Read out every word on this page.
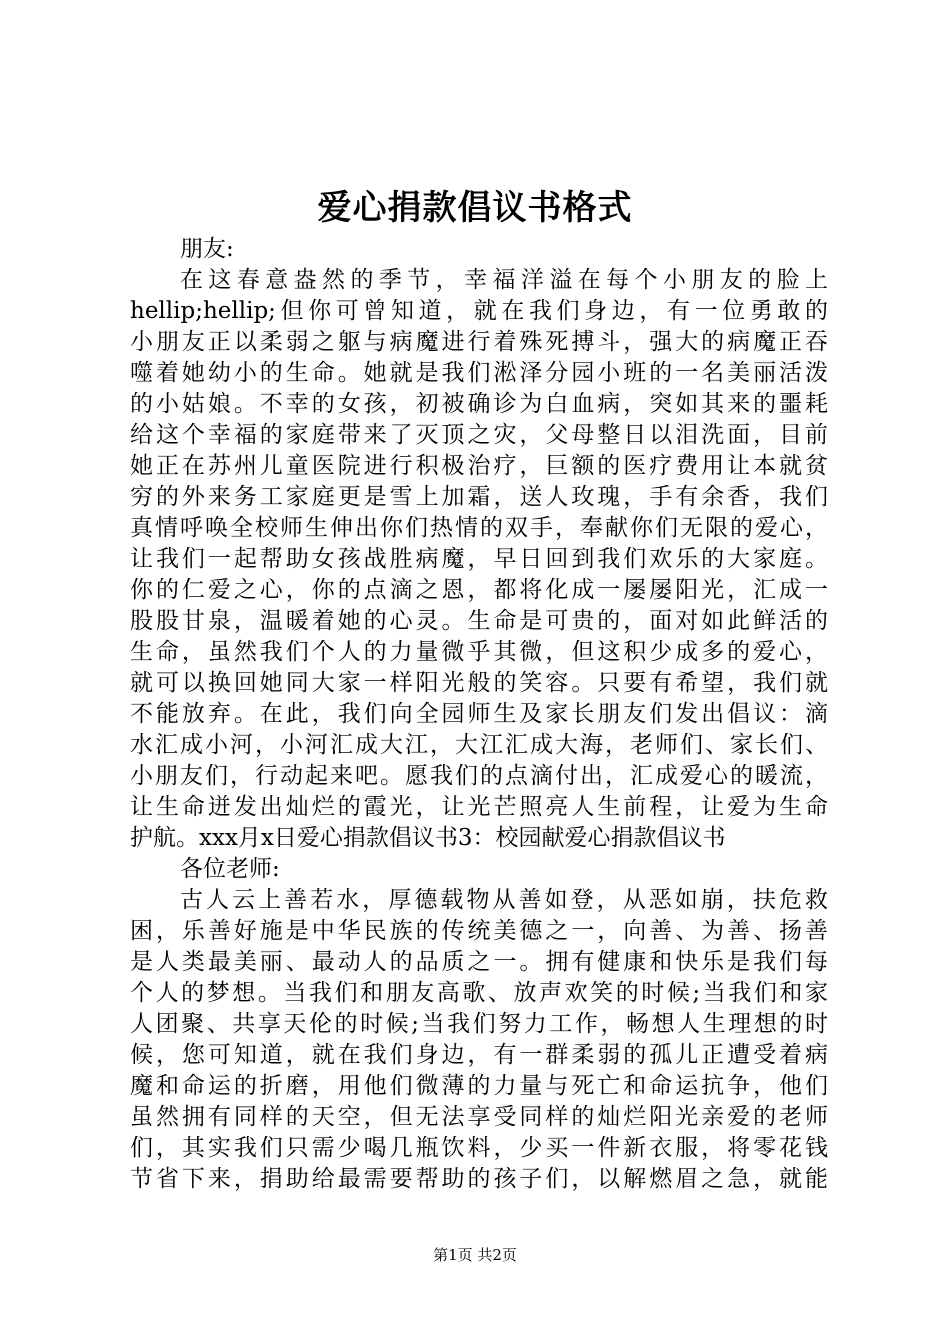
爱心捐款倡议书格式
朋友:
在这春意盎然的季节，幸福洋溢在每个小朋友的脸上
hellip;hellip;但你可曾知道，就在我们身边，有一位勇敢的
小朋友正以柔弱之躯与病魔进行着殊死搏斗，强大的病魔正吞
噬着她幼小的生命。她就是我们淞泽分园小班的一名美丽活泼
的小姑娘。不幸的女孩，初被确诊为白血病，突如其来的噩耗
给这个幸福的家庭带来了灭顶之灾，父母整日以泪洗面，目前
她正在苏州儿童医院进行积极治疗，巨额的医疗费用让本就贫
穷的外来务工家庭更是雪上加霜，送人玫瑰，手有余香，我们
真情呼唤全校师生伸出你们热情的双手，奉献你们无限的爱心，
让我们一起帮助女孩战胜病魔，早日回到我们欢乐的大家庭。
你的仁爱之心，你的点滴之恩，都将化成一屡屡阳光，汇成一
股股甘泉，温暖着她的心灵。生命是可贵的，面对如此鲜活的
生命，虽然我们个人的力量微乎其微，但这积少成多的爱心，
就可以换回她同大家一样阳光般的笑容。只要有希望，我们就
不能放弃。在此，我们向全园师生及家长朋友们发出倡议：滴
水汇成小河，小河汇成大江，大江汇成大海，老师们、家长们、
小朋友们，行动起来吧。愿我们的点滴付出，汇成爱心的暖流，
让生命迸发出灿烂的霞光，让光芒照亮人生前程，让爱为生命
护航。xxx月x日爱心捐款倡议书3：校园献爱心捐款倡议书
各位老师:
古人云上善若水，厚德载物从善如登，从恶如崩，扶危救
困，乐善好施是中华民族的传统美德之一，向善、为善、扬善
是人类最美丽、最动人的品质之一。拥有健康和快乐是我们每
个人的梦想。当我们和朋友高歌、放声欢笑的时候;当我们和家
人团聚、共享天伦的时候;当我们努力工作，畅想人生理想的时
候，您可知道，就在我们身边，有一群柔弱的孤儿正遭受着病
魔和命运的折磨，用他们微薄的力量与死亡和命运抗争，他们
虽然拥有同样的天空，但无法享受同样的灿烂阳光亲爱的老师
们，其实我们只需少喝几瓶饮料，少买一件新衣服，将零花钱
节省下来，捐助给最需要帮助的孩子们，以解燃眉之急，就能
第1页 共2页
